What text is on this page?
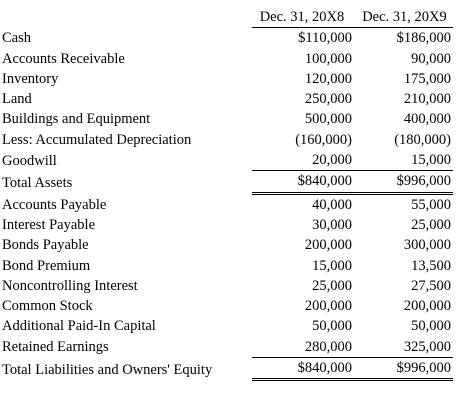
	Dec. 31, 20X8	Dec. 31, 20X9
Cash	$110,000	$186,000
Accounts Receivable	100,000	90,000
Inventory	120,000	175,000
Land	250,000	210,000
Buildings and Equipment	500,000	400,000
Less: Accumulated Depreciation	(160,000)	(180,000)
Goodwill	20,000	15,000
Total Assets	$840,000	$996,000
Accounts Payable	40,000	55,000
Interest Payable	30,000	25,000
Bonds Payable	200,000	300,000
Bond Premium	15,000	13,500
Noncontrolling Interest	25,000	27,500
Common Stock	200,000	200,000
Additional Paid-In Capital	50,000	50,000
Retained Earnings	280,000	325,000
Total Liabilities and Owners' Equity	$840,000	$996,000
